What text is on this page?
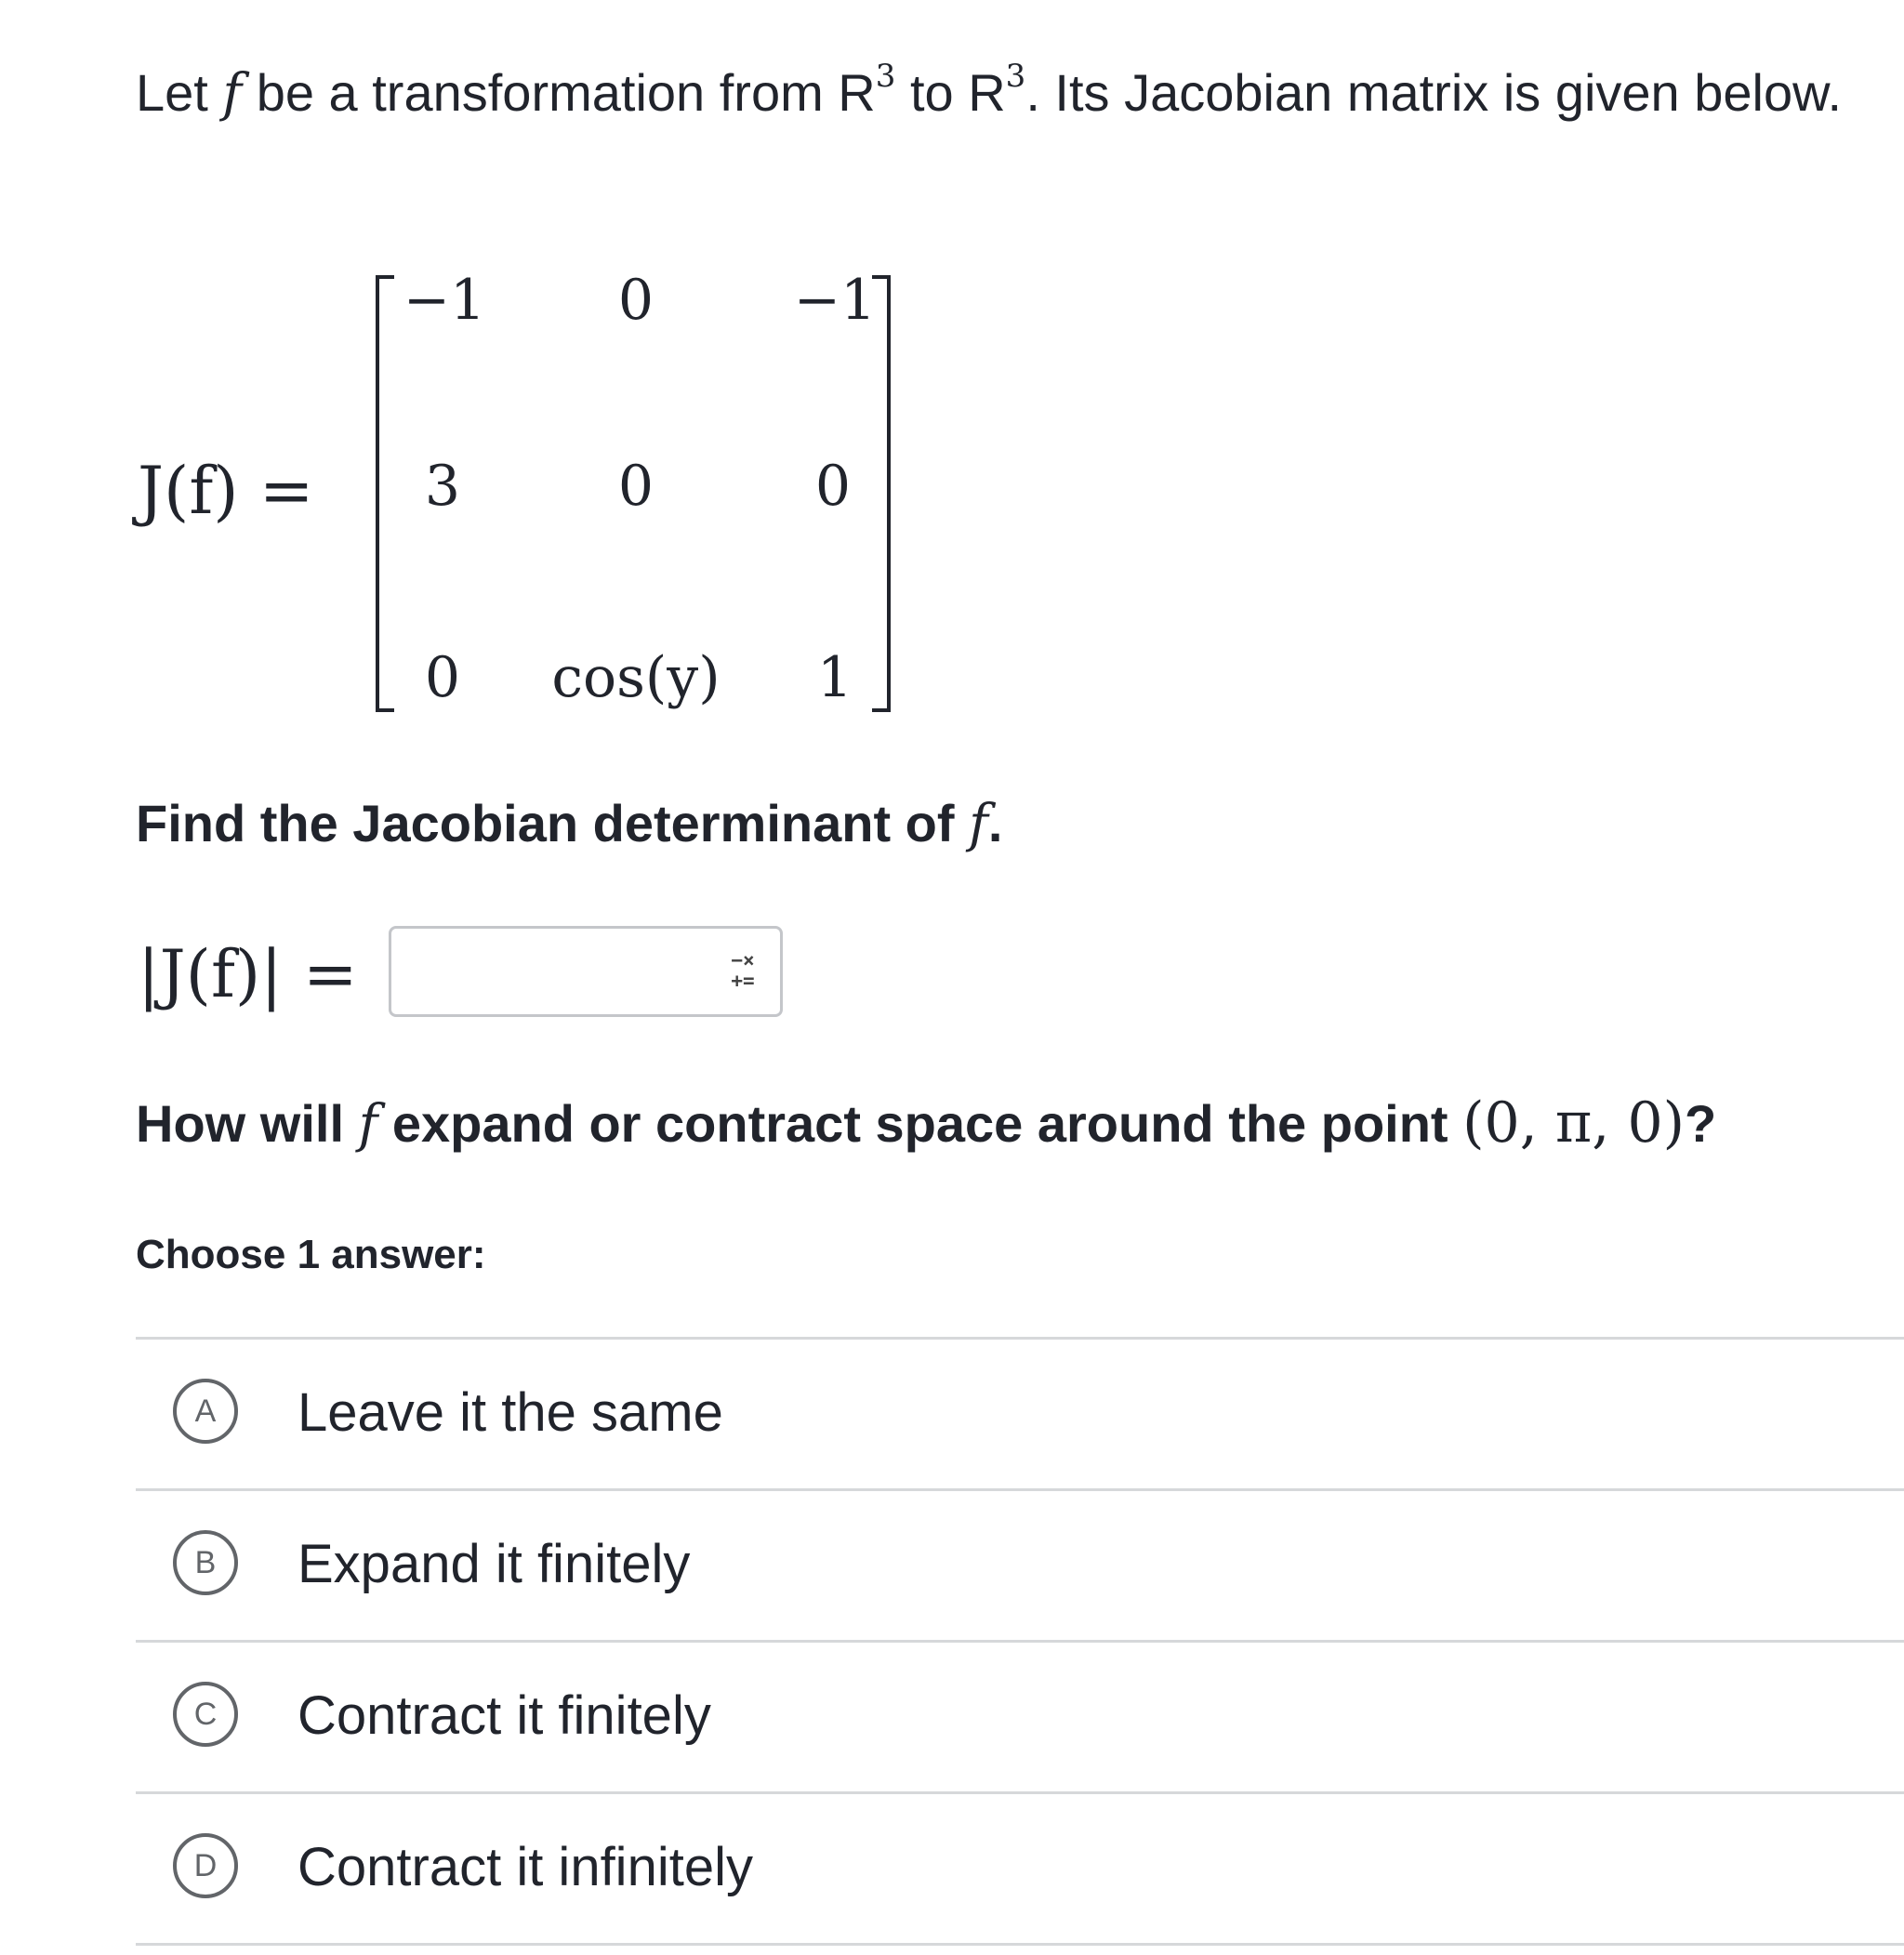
Let f be a transformation from $R^3$ to $R^3$. Its Jacobian matrix is given below.
J(f) =
−1	0	−1
3	0	0
0	cos(y)	1
Find the Jacobian determinant of f.
|J(f)| =	−×
+=
How will f expand or contract space around the point (0, π, 0)?
Choose 1 answer:
A	Leave it the same
B	Expand it finitely
C	Contract it finitely
D	Contract it infinitely
